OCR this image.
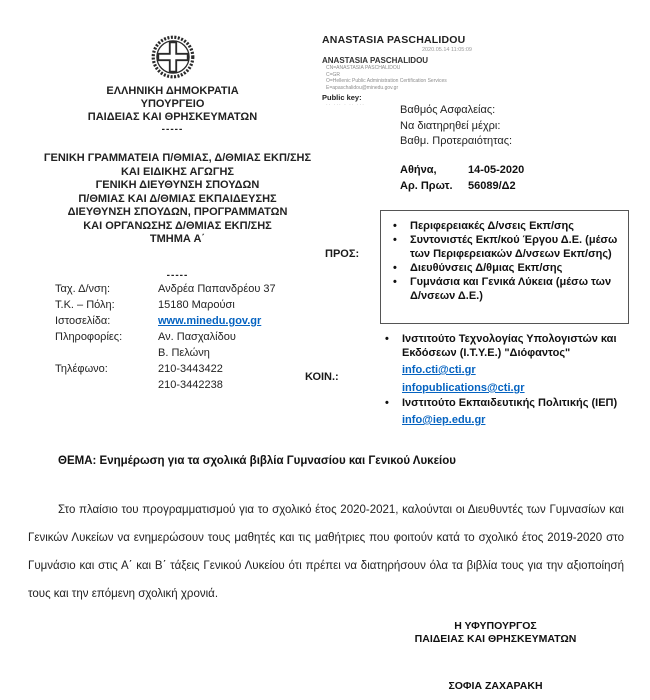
ΕΛΛΗΝΙΚΗ ΔΗΜΟΚΡΑΤΙΑ
ΥΠΟΥΡΓΕΙΟ
ΠΑΙΔΕΙΑΣ ΚΑΙ ΘΡΗΣΚΕΥΜΑΤΩΝ
-----
ANASTASIA PASCHALIDOU
2020.05.14 11:05:09
ANASTASIA PASCHALIDOU
CN=ANASTASIA PASCHALIDOU
C=GR
O=Hellenic Public Administration Certification Services
E=apaschalidou@minedu.gov.gr
Public key:
·· ··· · ·· ···	Βαθμός Ασφαλείας:
Να διατηρηθεί μέχρι:
Βαθμ. Προτεραιότητας:
Αθήνα,	14-05-2020
Αρ. Πρωτ.	56089/Δ2
ΓΕΝΙΚΗ ΓΡΑΜΜΑΤΕΙΑ Π/ΘΜΙΑΣ, Δ/ΘΜΙΑΣ ΕΚΠ/ΣΗΣ
ΚΑΙ ΕΙΔΙΚΗΣ ΑΓΩΓΗΣ
ΓΕΝΙΚΗ ΔΙΕΥΘΥΝΣΗ ΣΠΟΥΔΩΝ
Π/ΘΜΙΑΣ ΚΑΙ Δ/ΘΜΙΑΣ ΕΚΠΑΙΔΕΥΣΗΣ
ΔΙΕΥΘΥΝΣΗ ΣΠΟΥΔΩΝ, ΠΡΟΓΡΑΜΜΑΤΩΝ
ΚΑΙ ΟΡΓΑΝΩΣΗΣ Δ/ΘΜΙΑΣ ΕΚΠ/ΣΗΣ
ΤΜΗΜΑ Α΄
-----
Ταχ. Δ/νση:	Ανδρέα Παπανδρέου 37
Τ.Κ. – Πόλη:	15180 Μαρούσι
Ιστοσελίδα:	www.minedu.gov.gr
Πληροφορίες:	Αν. Πασχαλίδου
Β. Πελώνη
Τηλέφωνο:	210-3443422
210-3442238
ΠΡΟΣ:
•	Περιφερειακές Δ/νσεις Εκπ/σης
•	Συντονιστές Εκπ/κού Έργου Δ.Ε. (μέσω των Περιφερειακών Δ/νσεων Εκπ/σης)
•	Διευθύνσεις Δ/θμιας Εκπ/σης
•	Γυμνάσια και Γενικά Λύκεια (μέσω των Δ/νσεων Δ.Ε.)
ΚΟΙΝ.:
•	Ινστιτούτο Τεχνολογίας Υπολογιστών και Εκδόσεων (Ι.Τ.Υ.Ε.) "Διόφαντος"
info.cti@cti.gr
infopublications@cti.gr
•	Ινστιτούτο Εκπαιδευτικής Πολιτικής (ΙΕΠ)
info@iep.edu.gr
ΘΕΜΑ: Ενημέρωση για τα σχολικά βιβλία Γυμνασίου και Γενικού Λυκείου
Στο πλαίσιο του προγραμματισμού για το σχολικό έτος 2020-2021, καλούνται οι Διευθυντές των Γυμνασίων και Γενικών Λυκείων να ενημερώσουν τους μαθητές και τις μαθήτριες που φοιτούν κατά το σχολικό έτος 2019-2020 στο Γυμνάσιο και στις Α΄ και Β΄ τάξεις Γενικού Λυκείου ότι πρέπει να διατηρήσουν όλα τα βιβλία τους για την αξιοποίησή τους και την επόμενη σχολική χρονιά.
Η ΥΦΥΠΟΥΡΓΟΣ
ΠΑΙΔΕΙΑΣ ΚΑΙ ΘΡΗΣΚΕΥΜΑΤΩΝ
ΣΟΦΙΑ ΖΑΧΑΡΑΚΗ
